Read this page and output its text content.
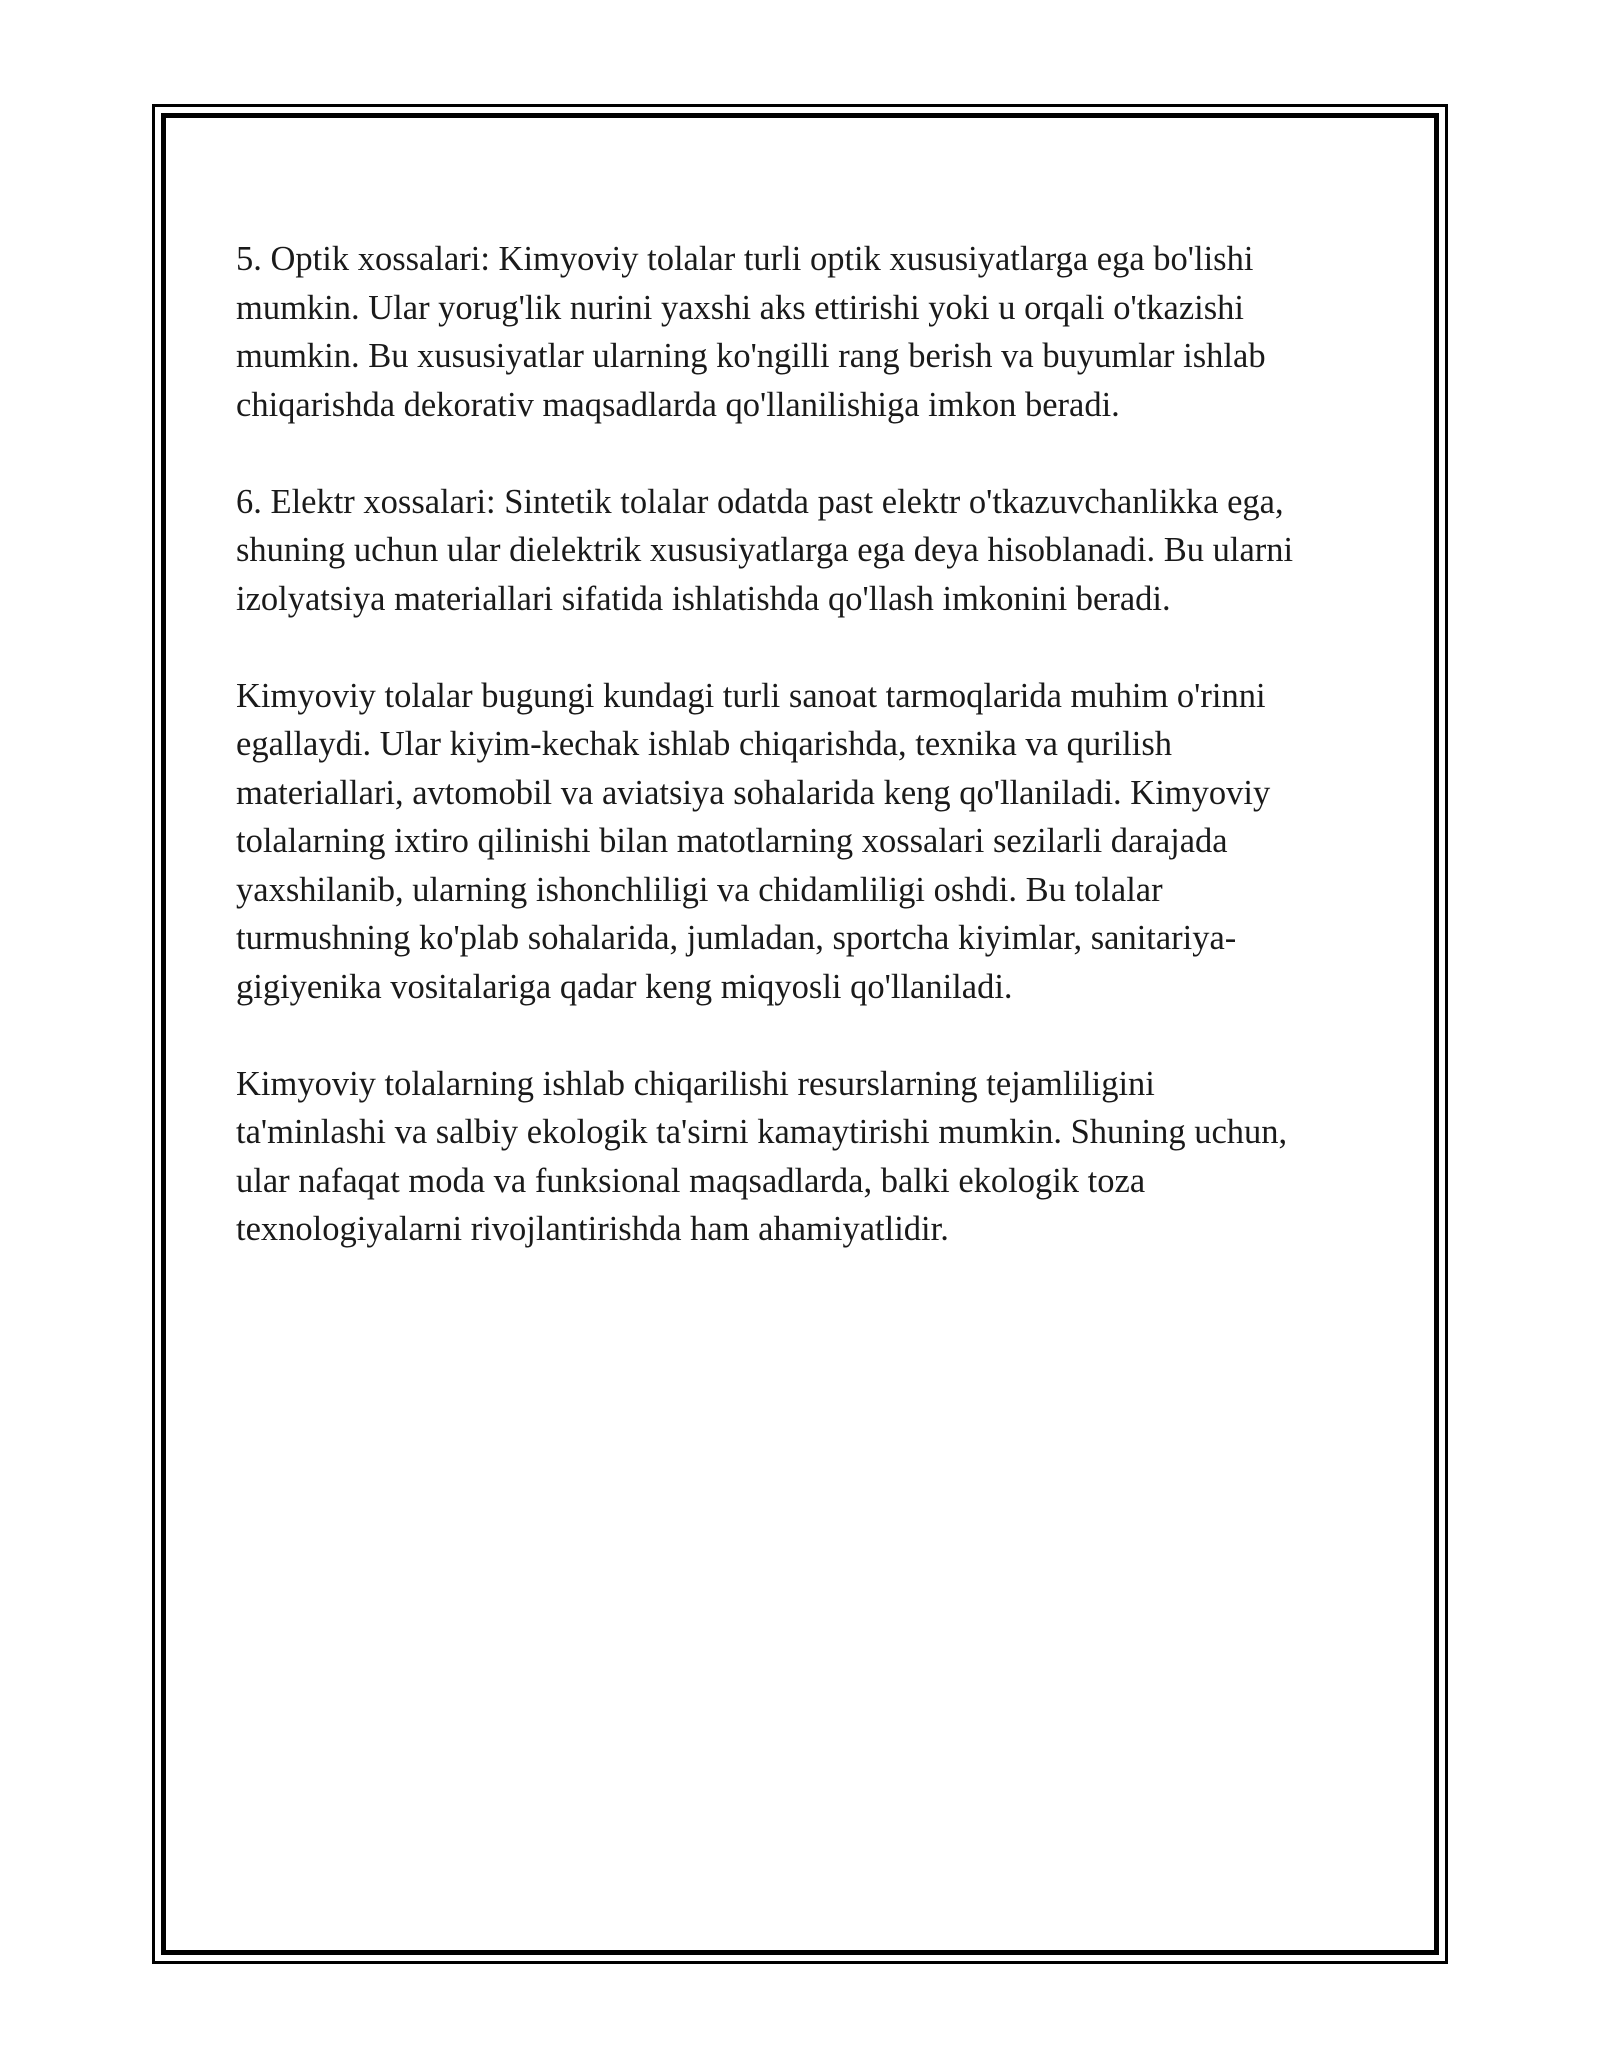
5. Optik xossalari: Kimyoviy tolalar turli optik xususiyatlarga ega bo'lishi
mumkin. Ular yorug'lik nurini yaxshi aks ettirishi yoki u orqali o'tkazishi
mumkin. Bu xususiyatlar ularning ko'ngilli rang berish va buyumlar ishlab
chiqarishda dekorativ maqsadlarda qo'llanilishiga imkon beradi.

6. Elektr xossalari: Sintetik tolalar odatda past elektr o'tkazuvchanlikka ega,
shuning uchun ular dielektrik xususiyatlarga ega deya hisoblanadi. Bu ularni
izolyatsiya materiallari sifatida ishlatishda qo'llash imkonini beradi.

Kimyoviy tolalar bugungi kundagi turli sanoat tarmoqlarida muhim o'rinni
egallaydi. Ular kiyim-kechak ishlab chiqarishda, texnika va qurilish
materiallari, avtomobil va aviatsiya sohalarida keng qo'llaniladi. Kimyoviy
tolalarning ixtiro qilinishi bilan matotlarning xossalari sezilarli darajada
yaxshilanib, ularning ishonchliligi va chidamliligi oshdi. Bu tolalar
turmushning ko'plab sohalarida, jumladan, sportcha kiyimlar, sanitariya-
gigiyenika vositalariga qadar keng miqyosli qo'llaniladi.

Kimyoviy tolalarning ishlab chiqarilishi resurslarning tejamliligini
ta'minlashi va salbiy ekologik ta'sirni kamaytirishi mumkin. Shuning uchun,
ular nafaqat moda va funksional maqsadlarda, balki ekologik toza
texnologiyalarni rivojlantirishda ham ahamiyatlidir.
